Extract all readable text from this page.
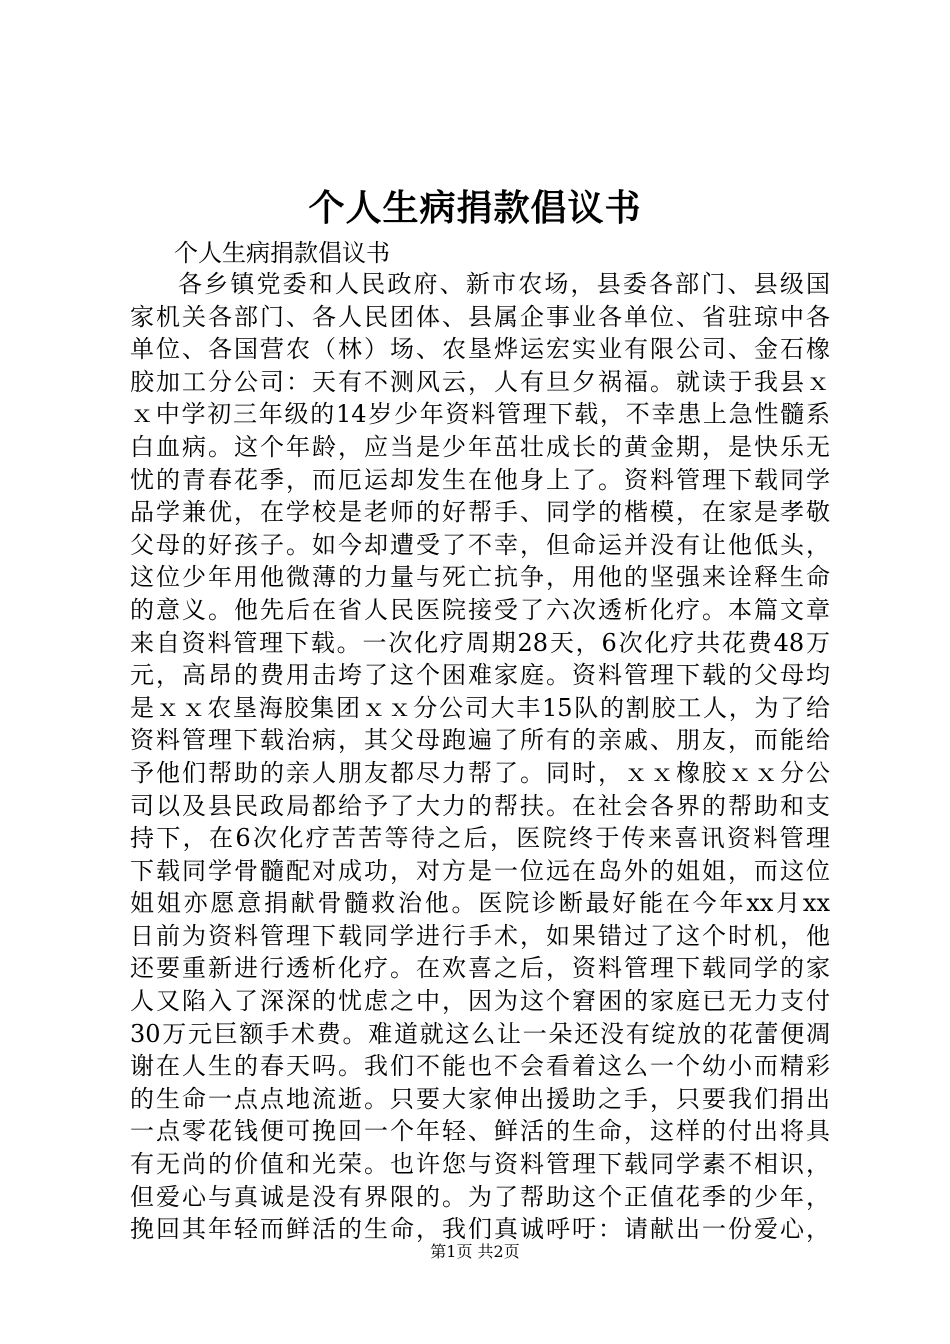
个人生病捐款倡议书

个人生病捐款倡议书

各乡镇党委和人民政府、新市农场，县委各部门、县级国
家机关各部门、各人民团体、县属企事业各单位、省驻琼中各
单位、各国营农（林）场、农垦烨运宏实业有限公司、金石橡
胶加工分公司：天有不测风云，人有旦夕祸福。就读于我县ｘ
ｘ中学初三年级的14岁少年资料管理下载，不幸患上急性髓系
白血病。这个年龄，应当是少年茁壮成长的黄金期，是快乐无
忧的青春花季，而厄运却发生在他身上了。资料管理下载同学
品学兼优，在学校是老师的好帮手、同学的楷模，在家是孝敬
父母的好孩子。如今却遭受了不幸，但命运并没有让他低头，
这位少年用他微薄的力量与死亡抗争，用他的坚强来诠释生命
的意义。他先后在省人民医院接受了六次透析化疗。本篇文章
来自资料管理下载。一次化疗周期28天，6次化疗共花费48万
元，高昂的费用击垮了这个困难家庭。资料管理下载的父母均
是ｘｘ农垦海胶集团ｘｘ分公司大丰15队的割胶工人，为了给
资料管理下载治病，其父母跑遍了所有的亲戚、朋友，而能给
予他们帮助的亲人朋友都尽力帮了。同时，ｘｘ橡胶ｘｘ分公
司以及县民政局都给予了大力的帮扶。在社会各界的帮助和支
持下，在6次化疗苦苦等待之后，医院终于传来喜讯资料管理
下载同学骨髓配对成功，对方是一位远在岛外的姐姐，而这位
姐姐亦愿意捐献骨髓救治他。医院诊断最好能在今年xx月xx
日前为资料管理下载同学进行手术，如果错过了这个时机，他
还要重新进行透析化疗。在欢喜之后，资料管理下载同学的家
人又陷入了深深的忧虑之中，因为这个窘困的家庭已无力支付
30万元巨额手术费。难道就这么让一朵还没有绽放的花蕾便凋
谢在人生的春天吗。我们不能也不会看着这么一个幼小而精彩
的生命一点点地流逝。只要大家伸出援助之手，只要我们捐出
一点零花钱便可挽回一个年轻、鲜活的生命，这样的付出将具
有无尚的价值和光荣。也许您与资料管理下载同学素不相识，
但爱心与真诚是没有界限的。为了帮助这个正值花季的少年，
挽回其年轻而鲜活的生命，我们真诚呼吁：请献出一份爱心，

第1页 共2页
